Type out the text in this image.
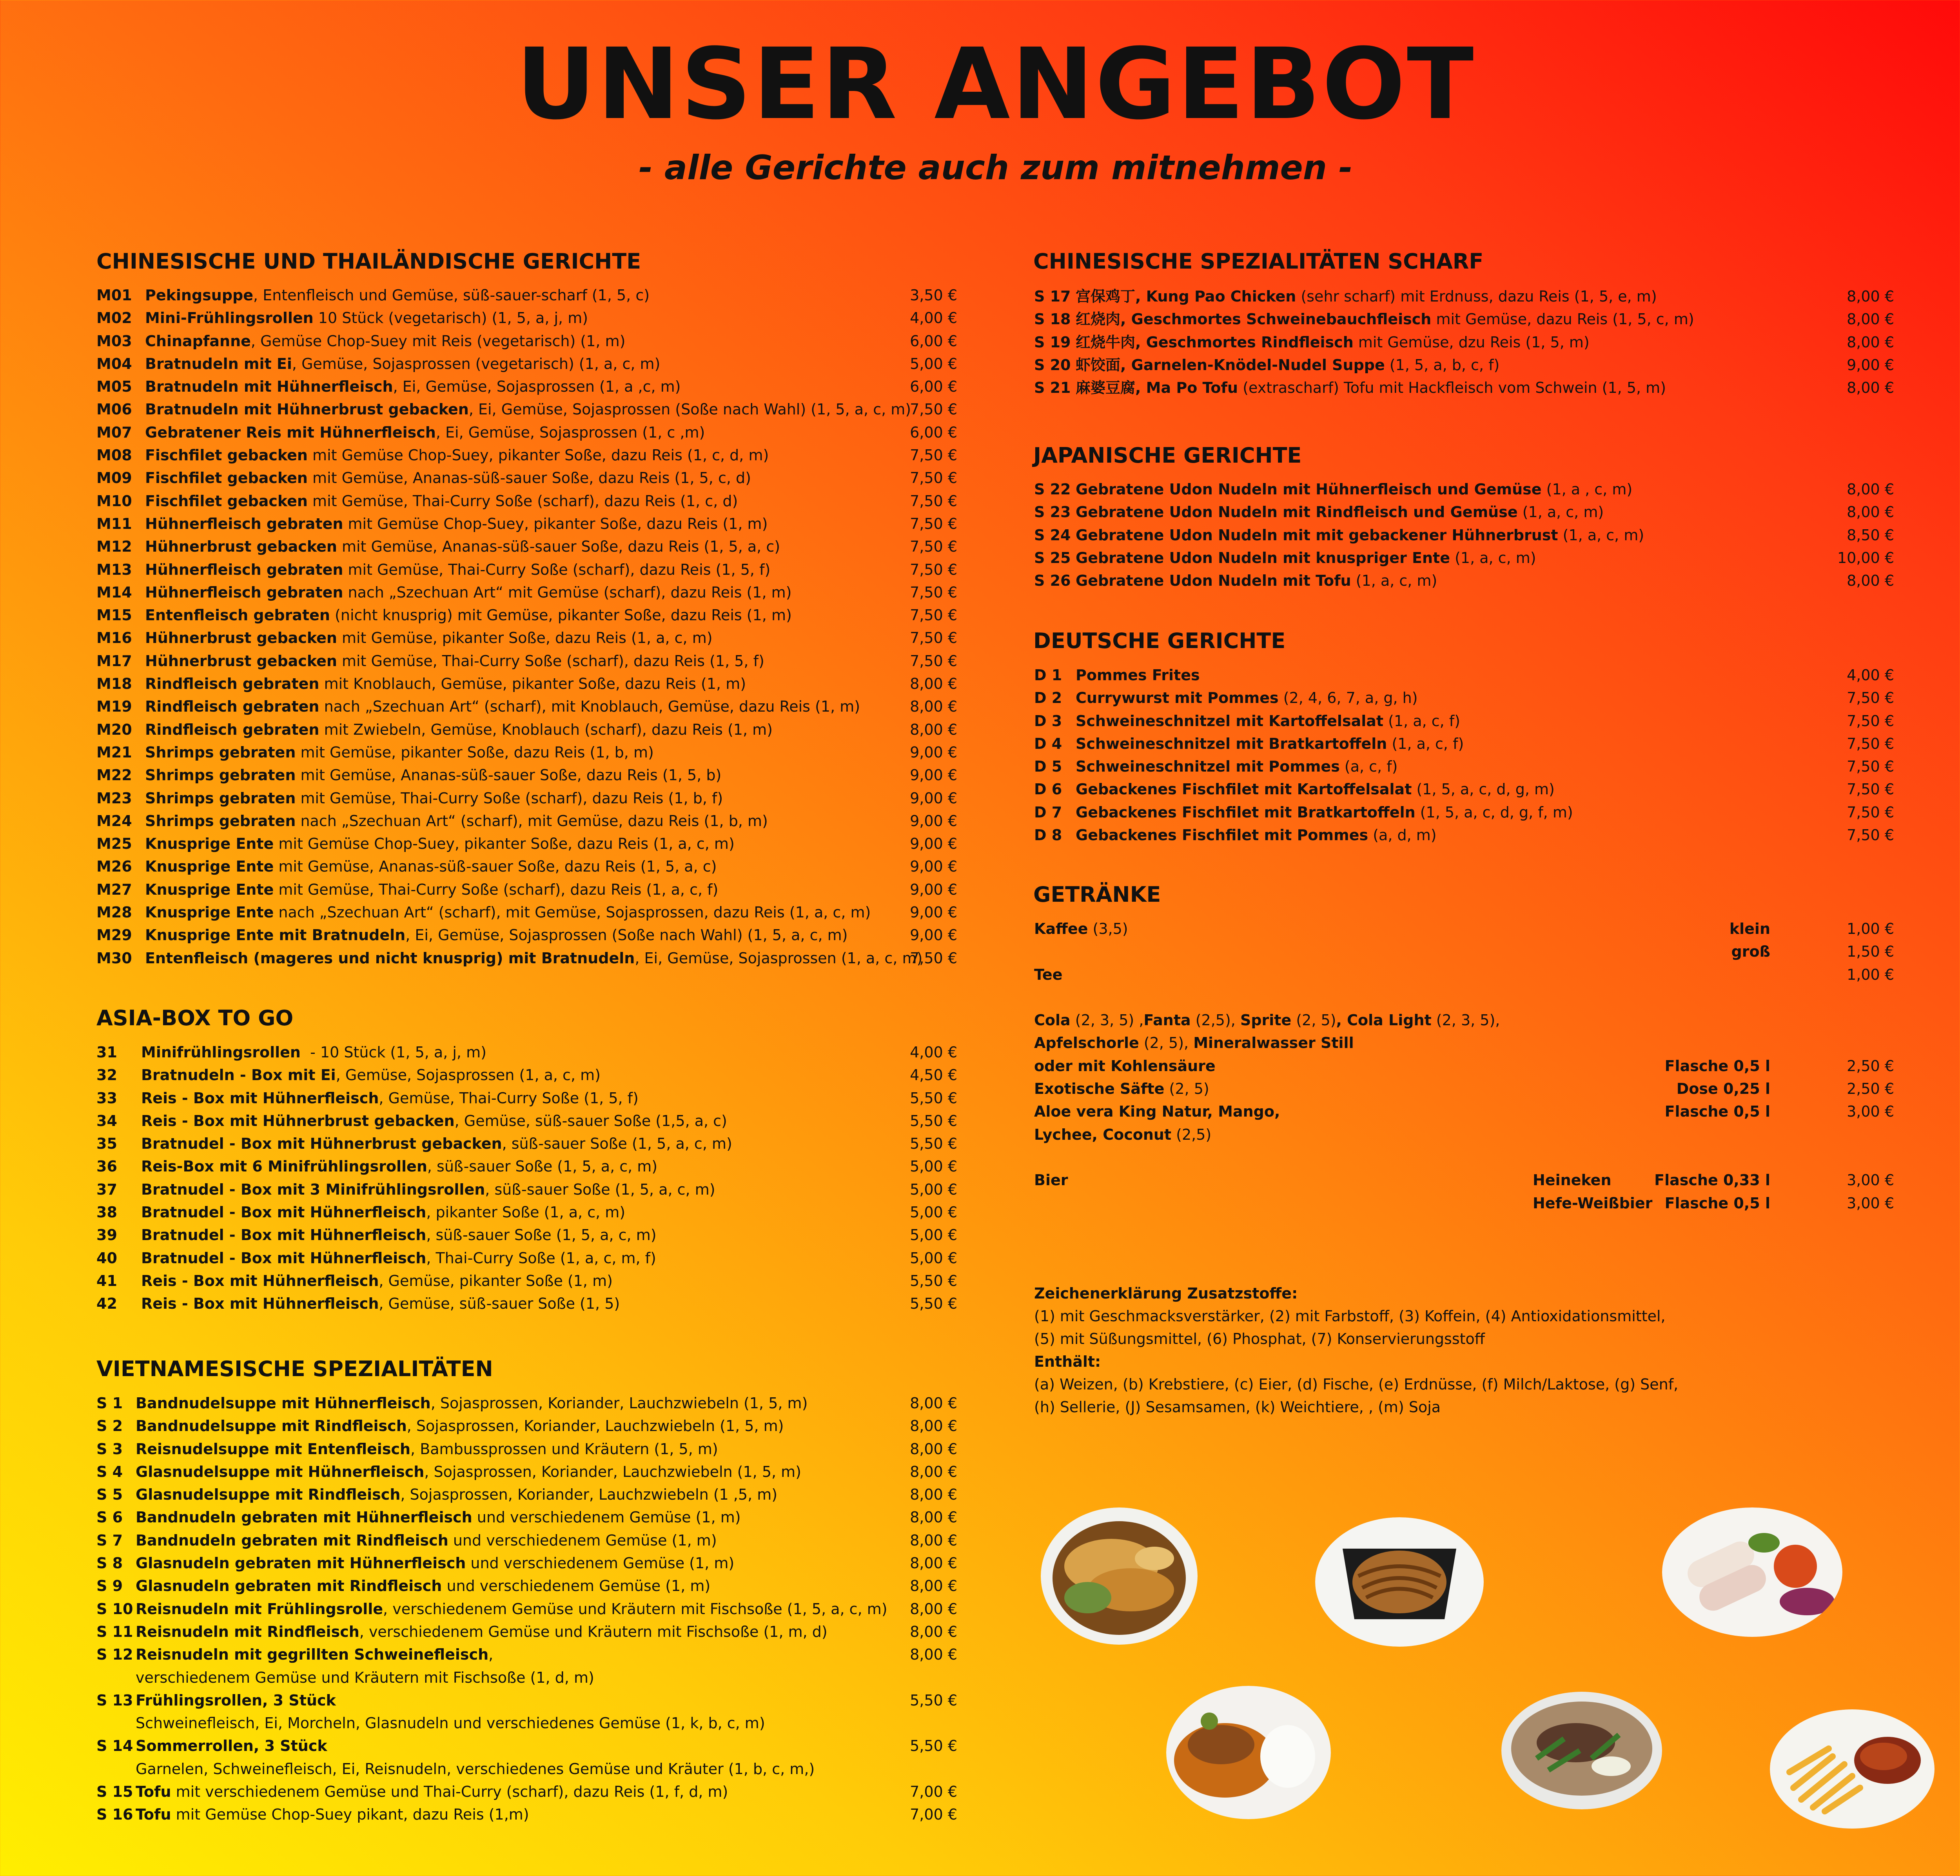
UNSER ANGEBOT
- alle Gerichte auch zum mitnehmen -
CHINESISCHE UND THAILÄNDISCHE GERICHTE
M01 Pekingsuppe, Entenfleisch und Gemüse, süß-sauer-scharf (1, 5, c)	3,50 €
M02 Mini-Frühlingsrollen 10 Stück (vegetarisch) (1, 5, a, j, m)	4,00 €
M03 Chinapfanne, Gemüse Chop-Suey mit Reis (vegetarisch) (1, m)	6,00 €
M04 Bratnudeln mit Ei, Gemüse, Sojasprossen (vegetarisch) (1, a, c, m)	5,00 €
M05 Bratnudeln mit Hühnerfleisch, Ei, Gemüse, Sojasprossen (1, a ,c, m)	6,00 €
M06 Bratnudeln mit Hühnerbrust gebacken, Ei, Gemüse, Sojasprossen (Soße nach Wahl) (1, 5, a, c, m)
7,50 €
M07 Gebratener Reis mit Hühnerfleisch, Ei, Gemüse, Sojasprossen (1, c ,m)	6,00 €
M08 Fischfilet gebacken mit Gemüse Chop-Suey, pikanter Soße, dazu Reis (1, c, d, m)	7,50 €
M09 Fischfilet gebacken mit Gemüse, Ananas-süß-sauer Soße, dazu Reis (1, 5, c, d)	7,50 €
M10 Fischfilet gebacken mit Gemüse, Thai-Curry Soße (scharf), dazu Reis (1, c, d)	7,50 €
M11 Hühnerfleisch gebraten mit Gemüse Chop-Suey, pikanter Soße, dazu Reis (1, m)	7,50 €
M12 Hühnerbrust gebacken mit Gemüse, Ananas-süß-sauer Soße, dazu Reis (1, 5, a, c)	7,50 €
M13 Hühnerfleisch gebraten mit Gemüse, Thai-Curry Soße (scharf), dazu Reis (1, 5, f)	7,50 €
M14 Hühnerfleisch gebraten nach „Szechuan Art“ mit Gemüse (scharf), dazu Reis (1, m)	7,50 €
M15 Entenfleisch gebraten (nicht knusprig) mit Gemüse, pikanter Soße, dazu Reis (1, m)	7,50 €
M16 Hühnerbrust gebacken mit Gemüse, pikanter Soße, dazu Reis (1, a, c, m)	7,50 €
M17 Hühnerbrust gebacken mit Gemüse, Thai-Curry Soße (scharf), dazu Reis (1, 5, f)	7,50 €
M18 Rindfleisch gebraten mit Knoblauch, Gemüse, pikanter Soße, dazu Reis (1, m)	8,00 €
M19 Rindfleisch gebraten nach „Szechuan Art“ (scharf), mit Knoblauch, Gemüse, dazu Reis (1, m)	8,00 €
M20 Rindfleisch gebraten mit Zwiebeln, Gemüse, Knoblauch (scharf), dazu Reis (1, m)	8,00 €
M21 Shrimps gebraten mit Gemüse, pikanter Soße, dazu Reis (1, b, m)	9,00 €
M22 Shrimps gebraten mit Gemüse, Ananas-süß-sauer Soße, dazu Reis (1, 5, b)	9,00 €
M23 Shrimps gebraten mit Gemüse, Thai-Curry Soße (scharf), dazu Reis (1, b, f)	9,00 €
M24 Shrimps gebraten nach „Szechuan Art“ (scharf), mit Gemüse, dazu Reis (1, b, m)	9,00 €
M25 Knusprige Ente mit Gemüse Chop-Suey, pikanter Soße, dazu Reis (1, a, c, m)	9,00 €
M26 Knusprige Ente mit Gemüse, Ananas-süß-sauer Soße, dazu Reis (1, 5, a, c)	9,00 €
M27 Knusprige Ente mit Gemüse, Thai-Curry Soße (scharf), dazu Reis (1, a, c, f)	9,00 €
M28 Knusprige Ente nach „Szechuan Art“ (scharf), mit Gemüse, Sojasprossen, dazu Reis (1, a, c, m)	9,00 €
M29 Knusprige Ente mit Bratnudeln, Ei, Gemüse, Sojasprossen (Soße nach Wahl) (1, 5, a, c, m)	9,00 €
M30 Entenfleisch (mageres und nicht knusprig) mit Bratnudeln, Ei, Gemüse, Sojasprossen (1, a, c, m)
7,50 €
ASIA-BOX TO GO
31 Minifrühlingsrollen  - 10 Stück (1, 5, a, j, m)	4,00 €
32 Bratnudeln - Box mit Ei, Gemüse, Sojasprossen (1, a, c, m)	4,50 €
33 Reis - Box mit Hühnerfleisch, Gemüse, Thai-Curry Soße (1, 5, f)	5,50 €
34 Reis - Box mit Hühnerbrust gebacken, Gemüse, süß-sauer Soße (1,5, a, c)	5,50 €
35 Bratnudel - Box mit Hühnerbrust gebacken, süß-sauer Soße (1, 5, a, c, m)	5,50 €
36 Reis-Box mit 6 Minifrühlingsrollen, süß-sauer Soße (1, 5, a, c, m)	5,00 €
37 Bratnudel - Box mit 3 Minifrühlingsrollen, süß-sauer Soße (1, 5, a, c, m)	5,00 €
38 Bratnudel - Box mit Hühnerfleisch, pikanter Soße (1, a, c, m)	5,00 €
39 Bratnudel - Box mit Hühnerfleisch, süß-sauer Soße (1, 5, a, c, m)	5,00 €
40 Bratnudel - Box mit Hühnerfleisch, Thai-Curry Soße (1, a, c, m, f)	5,00 €
41 Reis - Box mit Hühnerfleisch, Gemüse, pikanter Soße (1, m)	5,50 €
42 Reis - Box mit Hühnerfleisch, Gemüse, süß-sauer Soße (1, 5)	5,50 €
VIETNAMESISCHE SPEZIALITÄTEN
S 1 Bandnudelsuppe mit Hühnerfleisch, Sojasprossen, Koriander, Lauchzwiebeln (1, 5, m)	8,00 €
S 2 Bandnudelsuppe mit Rindfleisch, Sojasprossen, Koriander, Lauchzwiebeln (1, 5, m)	8,00 €
S 3 Reisnudelsuppe mit Entenfleisch, Bambussprossen und Kräutern (1, 5, m)	8,00 €
S 4 Glasnudelsuppe mit Hühnerfleisch, Sojasprossen, Koriander, Lauchzwiebeln (1, 5, m)	8,00 €
S 5 Glasnudelsuppe mit Rindfleisch, Sojasprossen, Koriander, Lauchzwiebeln (1 ,5, m)	8,00 €
S 6 Bandnudeln gebraten mit Hühnerfleisch und verschiedenem Gemüse (1, m)	8,00 €
S 7 Bandnudeln gebraten mit Rindfleisch und verschiedenem Gemüse (1, m)	8,00 €
S 8 Glasnudeln gebraten mit Hühnerfleisch und verschiedenem Gemüse (1, m)	8,00 €
S 9 Glasnudeln gebraten mit Rindfleisch und verschiedenem Gemüse (1, m)	8,00 €
S 10 Reisnudeln mit Frühlingsrolle, verschiedenem Gemüse und Kräutern mit Fischsoße (1, 5, a, c, m) 8,00 €
S 11 Reisnudeln mit Rindfleisch, verschiedenem Gemüse und Kräutern mit Fischsoße (1, m, d)	8,00 €
S 12 Reisnudeln mit gegrillten Schweinefleisch,	8,00 €
verschiedenem Gemüse und Kräutern mit Fischsoße (1, d, m)
S 13 Frühlingsrollen, 3 Stück	5,50 €
Schweinefleisch, Ei, Morcheln, Glasnudeln und verschiedenes Gemüse (1, k, b, c, m)
S 14 Sommerrollen, 3 Stück	5,50 €
Garnelen, Schweinefleisch, Ei, Reisnudeln, verschiedenes Gemüse und Kräuter (1, b, c, m,)
S 15 Tofu mit verschiedenem Gemüse und Thai-Curry (scharf), dazu Reis (1, f, d, m)	7,00 €
S 16 Tofu mit Gemüse Chop-Suey pikant, dazu Reis (1,m)	7,00 €
CHINESISCHE SPEZIALITÄTEN SCHARF
S 17 宫保鸡丁, Kung Pao Chicken (sehr scharf) mit Erdnuss, dazu Reis (1, 5, e, m)	8,00 €
S 18 红烧肉, Geschmortes Schweinebauchfleisch mit Gemüse, dazu Reis (1, 5, c, m)	8,00 €
S 19 红烧牛肉, Geschmortes Rindfleisch mit Gemüse, dzu Reis (1, 5, m)	8,00 €
S 20 虾饺面, Garnelen-Knödel-Nudel Suppe (1, 5, a, b, c, f)	9,00 €
S 21 麻婆豆腐, Ma Po Tofu (extrascharf) Tofu mit Hackfleisch vom Schwein (1, 5, m)	8,00 €
JAPANISCHE GERICHTE
S 22 Gebratene Udon Nudeln mit Hühnerfleisch und Gemüse (1, a , c, m)	8,00 €
S 23 Gebratene Udon Nudeln mit Rindfleisch und Gemüse (1, a, c, m)	8,00 €
S 24 Gebratene Udon Nudeln mit mit gebackener Hühnerbrust (1, a, c, m)	8,50 €
S 25 Gebratene Udon Nudeln mit knuspriger Ente (1, a, c, m)	10,00 €
S 26 Gebratene Udon Nudeln mit Tofu (1, a, c, m)	8,00 €
DEUTSCHE GERICHTE
D 1 Pommes Frites	4,00 €
D 2 Currywurst mit Pommes (2, 4, 6, 7, a, g, h)	7,50 €
D 3 Schweineschnitzel mit Kartoffelsalat (1, a, c, f)	7,50 €
D 4 Schweineschnitzel mit Bratkartoffeln (1, a, c, f)	7,50 €
D 5 Schweineschnitzel mit Pommes (a, c, f)	7,50 €
D 6 Gebackenes Fischfilet mit Kartoffelsalat (1, 5, a, c, d, g, m)	7,50 €
D 7 Gebackenes Fischfilet mit Bratkartoffeln (1, 5, a, c, d, g, f, m)	7,50 €
D 8 Gebackenes Fischfilet mit Pommes (a, d, m)	7,50 €
GETRÄNKE
Kaffee (3,5)	klein	1,00 €
groß	1,50 €
Tee	1,00 €
Cola (2, 3, 5) ,Fanta (2,5), Sprite (2, 5), Cola Light (2, 3, 5),
Apfelschorle (2, 5), Mineralwasser Still
oder mit Kohlensäure	Flasche 0,5 l	2,50 €
Exotische Säfte (2, 5)	Dose 0,25 l	2,50 €
Aloe vera King Natur, Mango,	Flasche 0,5 l	3,00 €
Lychee, Coconut (2,5)
Bier	Heineken	Flasche 0,33 l	3,00 €
Hefe-Weißbier Flasche 0,5 l	3,00 €
Zeichenerklärung Zusatzstoffe:
(1) mit Geschmacksverstärker, (2) mit Farbstoff, (3) Koffein, (4) Antioxidationsmittel,
(5) mit Süßungsmittel, (6) Phosphat, (7) Konservierungsstoff
Enthält:
(a) Weizen, (b) Krebstiere, (c) Eier, (d) Fische, (e) Erdnüsse, (f) Milch/Laktose, (g) Senf,
(h) Sellerie, (J) Sesamsamen, (k) Weichtiere, , (m) Soja
